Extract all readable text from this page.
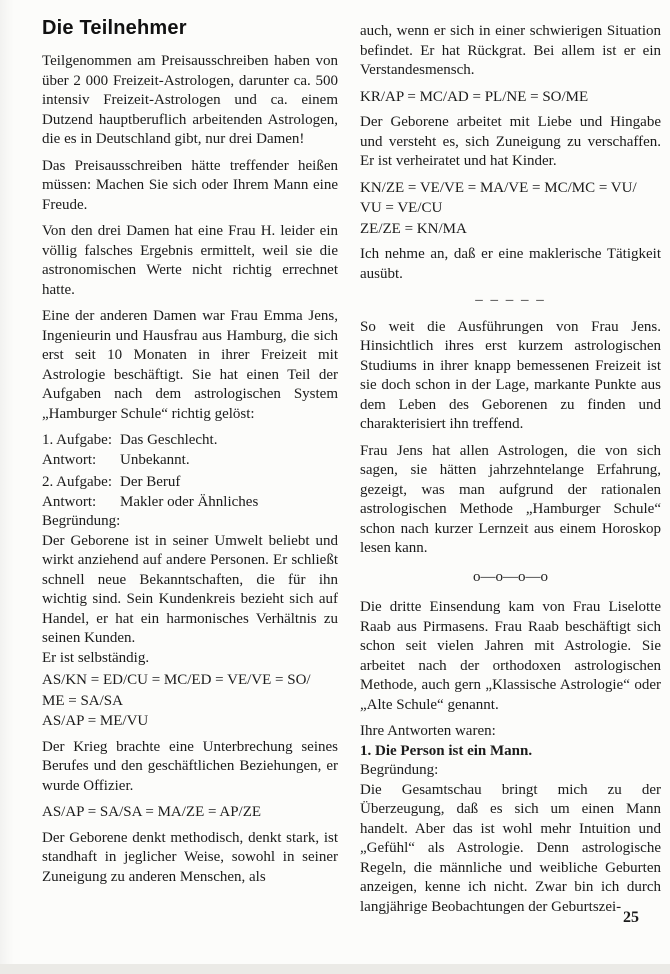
Die Teilnehmer

Teilgenommen am Preisausschreiben haben von über 2 000 Freizeit-Astrologen, darunter ca. 500 intensiv Freizeit-Astrologen und ca. einem Dutzend hauptberuflich arbeitenden Astrologen, die es in Deutschland gibt, nur drei Damen!

Das Preisausschreiben hätte treffender heißen müssen: Machen Sie sich oder Ihrem Mann eine Freude.

Von den drei Damen hat eine Frau H. leider ein völlig falsches Ergebnis ermittelt, weil sie die astronomischen Werte nicht richtig errechnet hatte.

Eine der anderen Damen war Frau Emma Jens, Ingenieurin und Hausfrau aus Hamburg, die sich erst seit 10 Monaten in ihrer Freizeit mit Astrologie beschäftigt. Sie hat einen Teil der Aufgaben nach dem astrologischen System „Hamburger Schule“ richtig gelöst:

1. Aufgabe: Das Geschlecht.
Antwort:	Unbekannt.
2. Aufgabe: Der Beruf
Antwort:	Makler oder Ähnliches

Begründung:

Der Geborene ist in seiner Umwelt beliebt und wirkt anziehend auf andere Personen. Er schließt schnell neue Bekanntschaften, die für ihn wichtig sind. Sein Kundenkreis bezieht sich auf Handel, er hat ein harmonisches Verhältnis zu seinen Kunden.

Er ist selbständig.

AS/KN = ED/CU = MC/ED = VE/VE = SO/
ME = SA/SA
AS/AP = ME/VU

Der Krieg brachte eine Unterbrechung seines Berufes und den geschäftlichen Beziehungen, er wurde Offizier.

AS/AP = SA/SA = MA/ZE = AP/ZE

Der Geborene denkt methodisch, denkt stark, ist standhaft in jeglicher Weise, sowohl in seiner Zuneigung zu anderen Menschen, als

auch, wenn er sich in einer schwierigen Situation befindet. Er hat Rückgrat. Bei allem ist er ein Verstandesmensch.

KR/AP = MC/AD = PL/NE = SO/ME

Der Geborene arbeitet mit Liebe und Hingabe und versteht es, sich Zuneigung zu verschaffen. Er ist verheiratet und hat Kinder.

KN/ZE = VE/VE = MA/VE = MC/MC = VU/
VU = VE/CU
ZE/ZE = KN/MA

Ich nehme an, daß er eine maklerische Tätigkeit ausübt.

– – – – –

So weit die Ausführungen von Frau Jens. Hinsichtlich ihres erst kurzem astrologischen Studiums in ihrer knapp bemessenen Freizeit ist sie doch schon in der Lage, markante Punkte aus dem Leben des Geborenen zu finden und charakterisiert ihn treffend.

Frau Jens hat allen Astrologen, die von sich sagen, sie hätten jahrzehntelange Erfahrung, gezeigt, was man aufgrund der rationalen astrologischen Methode „Hamburger Schule“ schon nach kurzer Lernzeit aus einem Horoskop lesen kann.

o—o—o—o

Die dritte Einsendung kam von Frau Liselotte Raab aus Pirmasens. Frau Raab beschäftigt sich schon seit vielen Jahren mit Astrologie. Sie arbeitet nach der orthodoxen astrologischen Methode, auch gern „Klassische Astrologie“ oder „Alte Schule“ genannt.

Ihre Antworten waren:

1. Die Person ist ein Mann.

Begründung:

Die Gesamtschau bringt mich zu der Überzeugung, daß es sich um einen Mann handelt. Aber das ist wohl mehr Intuition und „Gefühl“ als Astrologie. Denn astrologische Regeln, die männliche und weibliche Geburten anzeigen, kenne ich nicht. Zwar bin ich durch langjährige Beobachtungen der Geburtszei-

25
